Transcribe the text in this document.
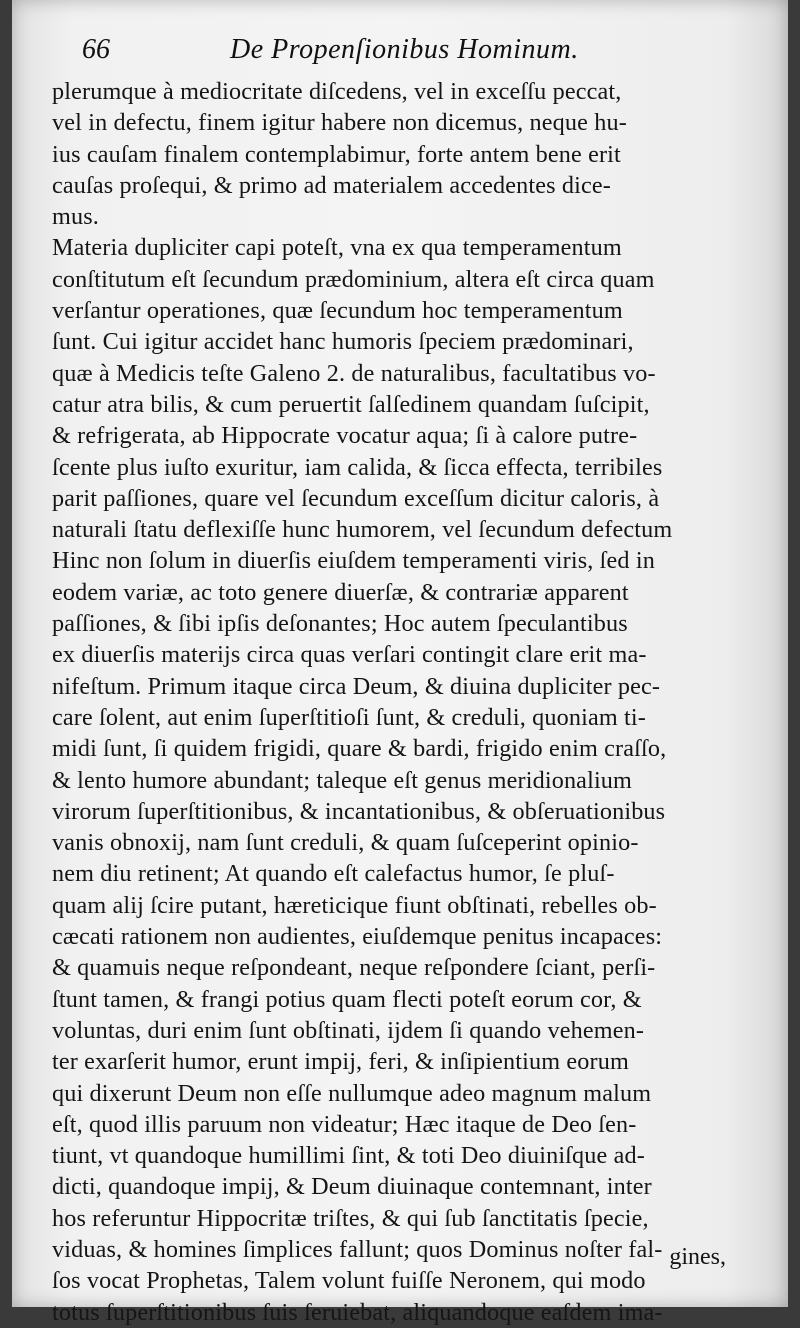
66	De Propenſionibus Hominum.
plerumque à mediocritate diſcedens, vel in exceſſu peccat,
vel in defectu, finem igitur habere non dicemus, neque hu-
ius cauſam finalem contemplabimur, forte antem bene erit
cauſas proſequi, & primo ad materialem accedentes dice-
mus.
Materia dupliciter capi poteſt, vna ex qua temperamentum
conſtitutum eſt ſecundum prædominium, altera eſt circa quam
verſantur operationes, quæ ſecundum hoc temperamentum
ſunt. Cui igitur accidet hanc humoris ſpeciem prædominari,
quæ à Medicis teſte Galeno 2. de naturalibus, facultatibus vo-
catur atra bilis, & cum peruertit ſalſedinem quandam ſuſcipit,
& refrigerata, ab Hippocrate vocatur aqua; ſi à calore putre-
ſcente plus iuſto exuritur, iam calida, & ſicca effecta, terribiles
parit paſſiones, quare vel ſecundum exceſſum dicitur caloris, à
naturali ſtatu deflexiſſe hunc humorem, vel ſecundum defectum
Hinc non ſolum in diuerſis eiuſdem temperamenti viris, ſed in
eodem variæ, ac toto genere diuerſæ, & contrariæ apparent
paſſiones, & ſibi ipſis deſonantes; Hoc autem ſpeculantibus
ex diuerſis materijs circa quas verſari contingit clare erit ma-
nifeſtum. Primum itaque circa Deum, & diuina dupliciter pec-
care ſolent, aut enim ſuperſtitioſi ſunt, & creduli, quoniam ti-
midi ſunt, ſi quidem frigidi, quare & bardi, frigido enim craſſo,
& lento humore abundant; taleque eſt genus meridionalium
virorum ſuperſtitionibus, & incantationibus, & obſeruationibus
vanis obnoxij, nam ſunt creduli, & quam ſuſceperint opinio-
nem diu retinent; At quando eſt calefactus humor, ſe pluſ-
quam alij ſcire putant, hæreticique fiunt obſtinati, rebelles ob-
cæcati rationem non audientes, eiuſdemque penitus incapaces:
& quamuis neque reſpondeant, neque reſpondere ſciant, perſi-
ſtunt tamen, & frangi potius quam flecti poteſt eorum cor, &
voluntas, duri enim ſunt obſtinati, ijdem ſi quando vehemen-
ter exarſerit humor, erunt impij, feri, & inſipientium eorum
qui dixerunt Deum non eſſe nullumque adeo magnum malum
eſt, quod illis paruum non videatur; Hæc itaque de Deo ſen-
tiunt, vt quandoque humillimi ſint, & toti Deo diuiniſque ad-
dicti, quandoque impij, & Deum diuinaque contemnant, inter
hos referuntur Hippocritæ triſtes, & qui ſub ſanctitatis ſpecie,
viduas, & homines ſimplices fallunt; quos Dominus noſter fal-
ſos vocat Prophetas, Talem volunt fuiſſe Neronem, qui modo
totus ſuperſtitionibus ſuis ſeruiebat, aliquandoque eaſdem ima-
gines,
